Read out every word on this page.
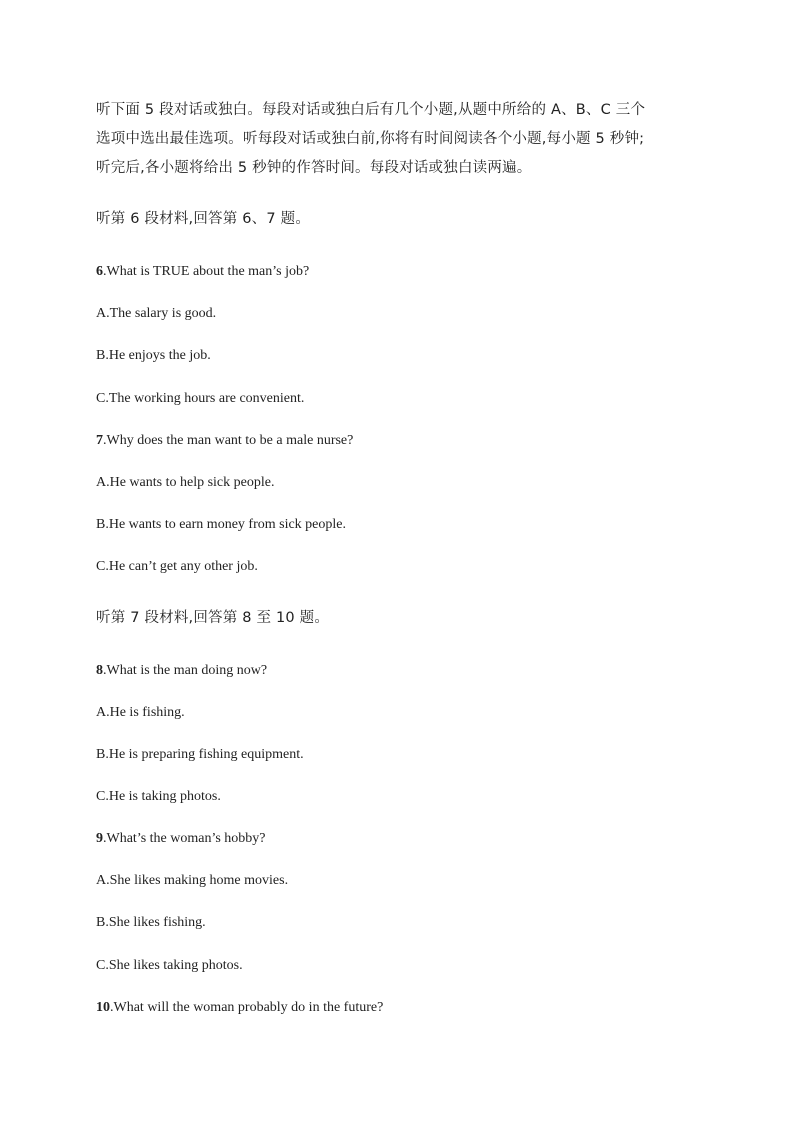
听下面 5 段对话或独白。每段对话或独白后有几个小题,从题中所给的 A、B、C 三个
选项中选出最佳选项。听每段对话或独白前,你将有时间阅读各个小题,每小题 5 秒钟;
听完后,各小题将给出 5 秒钟的作答时间。每段对话或独白读两遍。
听第 6 段材料,回答第 6、7 题。
6.What is TRUE about the man’s job?
A.The salary is good.
B.He enjoys the job.
C.The working hours are convenient.
7.Why does the man want to be a male nurse?
A.He wants to help sick people.
B.He wants to earn money from sick people.
C.He can’t get any other job.
听第 7 段材料,回答第 8 至 10 题。
8.What is the man doing now?
A.He is fishing.
B.He is preparing fishing equipment.
C.He is taking photos.
9.What’s the woman’s hobby?
A.She likes making home movies.
B.She likes fishing.
C.She likes taking photos.
10.What will the woman probably do in the future?
